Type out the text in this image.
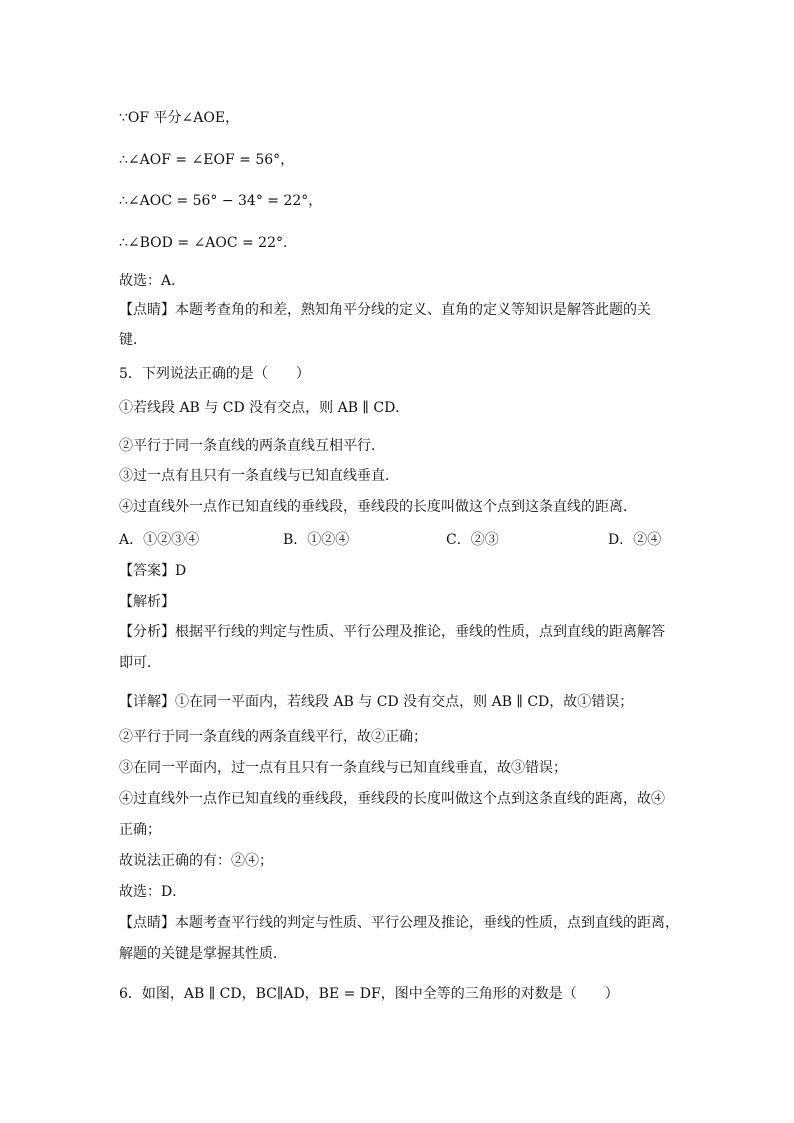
∵OF 平分∠AOE，
∴∠AOF = ∠EOF = 56°，
∴∠AOC = 56° − 34° = 22°，
∴∠BOD = ∠AOC = 22°．
故选：A．
【点睛】本题考查角的和差，熟知角平分线的定义、直角的定义等知识是解答此题的关
键．
5．下列说法正确的是（　　）
①若线段 AB 与 CD 没有交点，则 AB ∥ CD．
②平行于同一条直线的两条直线互相平行．
③过一点有且只有一条直线与已知直线垂直．
④过直线外一点作已知直线的垂线段，垂线段的长度叫做这个点到这条直线的距离．
A．①②③④	B．①②④	C．②③	D．②④
【答案】D
【解析】
【分析】根据平行线的判定与性质、平行公理及推论，垂线的性质，点到直线的距离解答
即可．
【详解】①在同一平面内，若线段 AB 与 CD 没有交点，则 AB ∥ CD，故①错误；
②平行于同一条直线的两条直线平行，故②正确；
③在同一平面内，过一点有且只有一条直线与已知直线垂直，故③错误；
④过直线外一点作已知直线的垂线段，垂线段的长度叫做这个点到这条直线的距离，故④
正确；
故说法正确的有：②④；
故选：D．
【点睛】本题考查平行线的判定与性质、平行公理及推论，垂线的性质，点到直线的距离，
解题的关键是掌握其性质．
6．如图，AB ∥ CD，BC∥AD，BE = DF，图中全等的三角形的对数是（　　）
